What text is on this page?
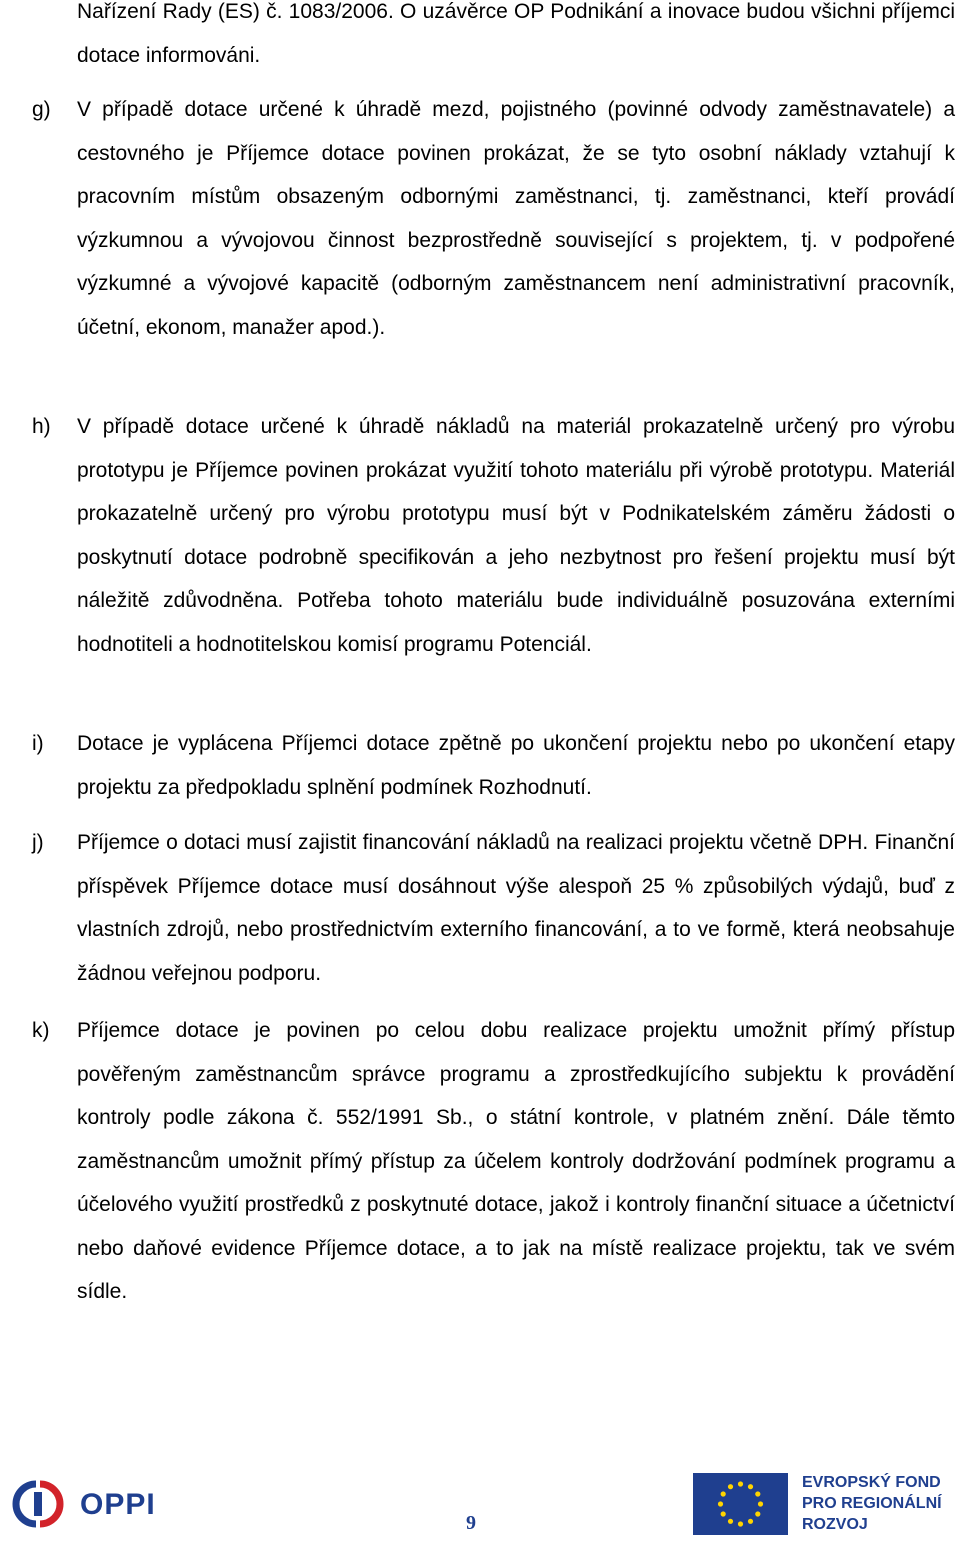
Nařízení Rady (ES) č. 1083/2006. O uzávěrce OP Podnikání a inovace budou všichni příjemci dotace informováni.
g)	V případě dotace určené k úhradě mezd, pojistného (povinné odvody zaměstnavatele) a cestovného je Příjemce dotace povinen prokázat, že se tyto osobní náklady vztahují k pracovním místům obsazeným odbornými zaměstnanci, tj. zaměstnanci, kteří provádí výzkumnou a vývojovou činnost bezprostředně související s projektem, tj. v podpořené výzkumné a vývojové kapacitě (odborným zaměstnancem není administrativní pracovník, účetní, ekonom, manažer apod.).
h)	V případě dotace určené k úhradě nákladů na materiál prokazatelně určený pro výrobu prototypu je Příjemce povinen prokázat využití tohoto materiálu při výrobě prototypu. Materiál prokazatelně určený pro výrobu prototypu musí být v Podnikatelském záměru žádosti o poskytnutí dotace podrobně specifikován a jeho nezbytnost pro řešení projektu musí být náležitě zdůvodněna. Potřeba tohoto materiálu bude individuálně posuzována externími hodnotiteli a hodnotitelskou komisí programu Potenciál.
i)	Dotace je vyplácena Příjemci dotace zpětně po ukončení projektu nebo po ukončení etapy projektu za předpokladu splnění podmínek Rozhodnutí.
j)	Příjemce o dotaci musí zajistit financování nákladů na realizaci projektu včetně DPH. Finanční příspěvek Příjemce dotace musí dosáhnout výše alespoň 25 % způsobilých výdajů, buď z vlastních zdrojů, nebo prostřednictvím externího financování, a to ve formě, která neobsahuje žádnou veřejnou podporu.
k)	Příjemce dotace je povinen po celou dobu realizace projektu umožnit přímý přístup pověřeným zaměstnancům správce programu a zprostředkujícího subjektu k provádění kontroly podle zákona č. 552/1991 Sb., o státní kontrole, v platném znění. Dále těmto zaměstnancům umožnit přímý přístup za účelem kontroly dodržování podmínek programu a účelového využití prostředků z poskytnuté dotace, jakož i kontroly finanční situace a účetnictví nebo daňové evidence Příjemce dotace, a to jak na místě realizace projektu, tak ve svém sídle.
OPPI
9
EVROPSKÝ FOND
PRO REGIONÁLNÍ
ROZVOJ
